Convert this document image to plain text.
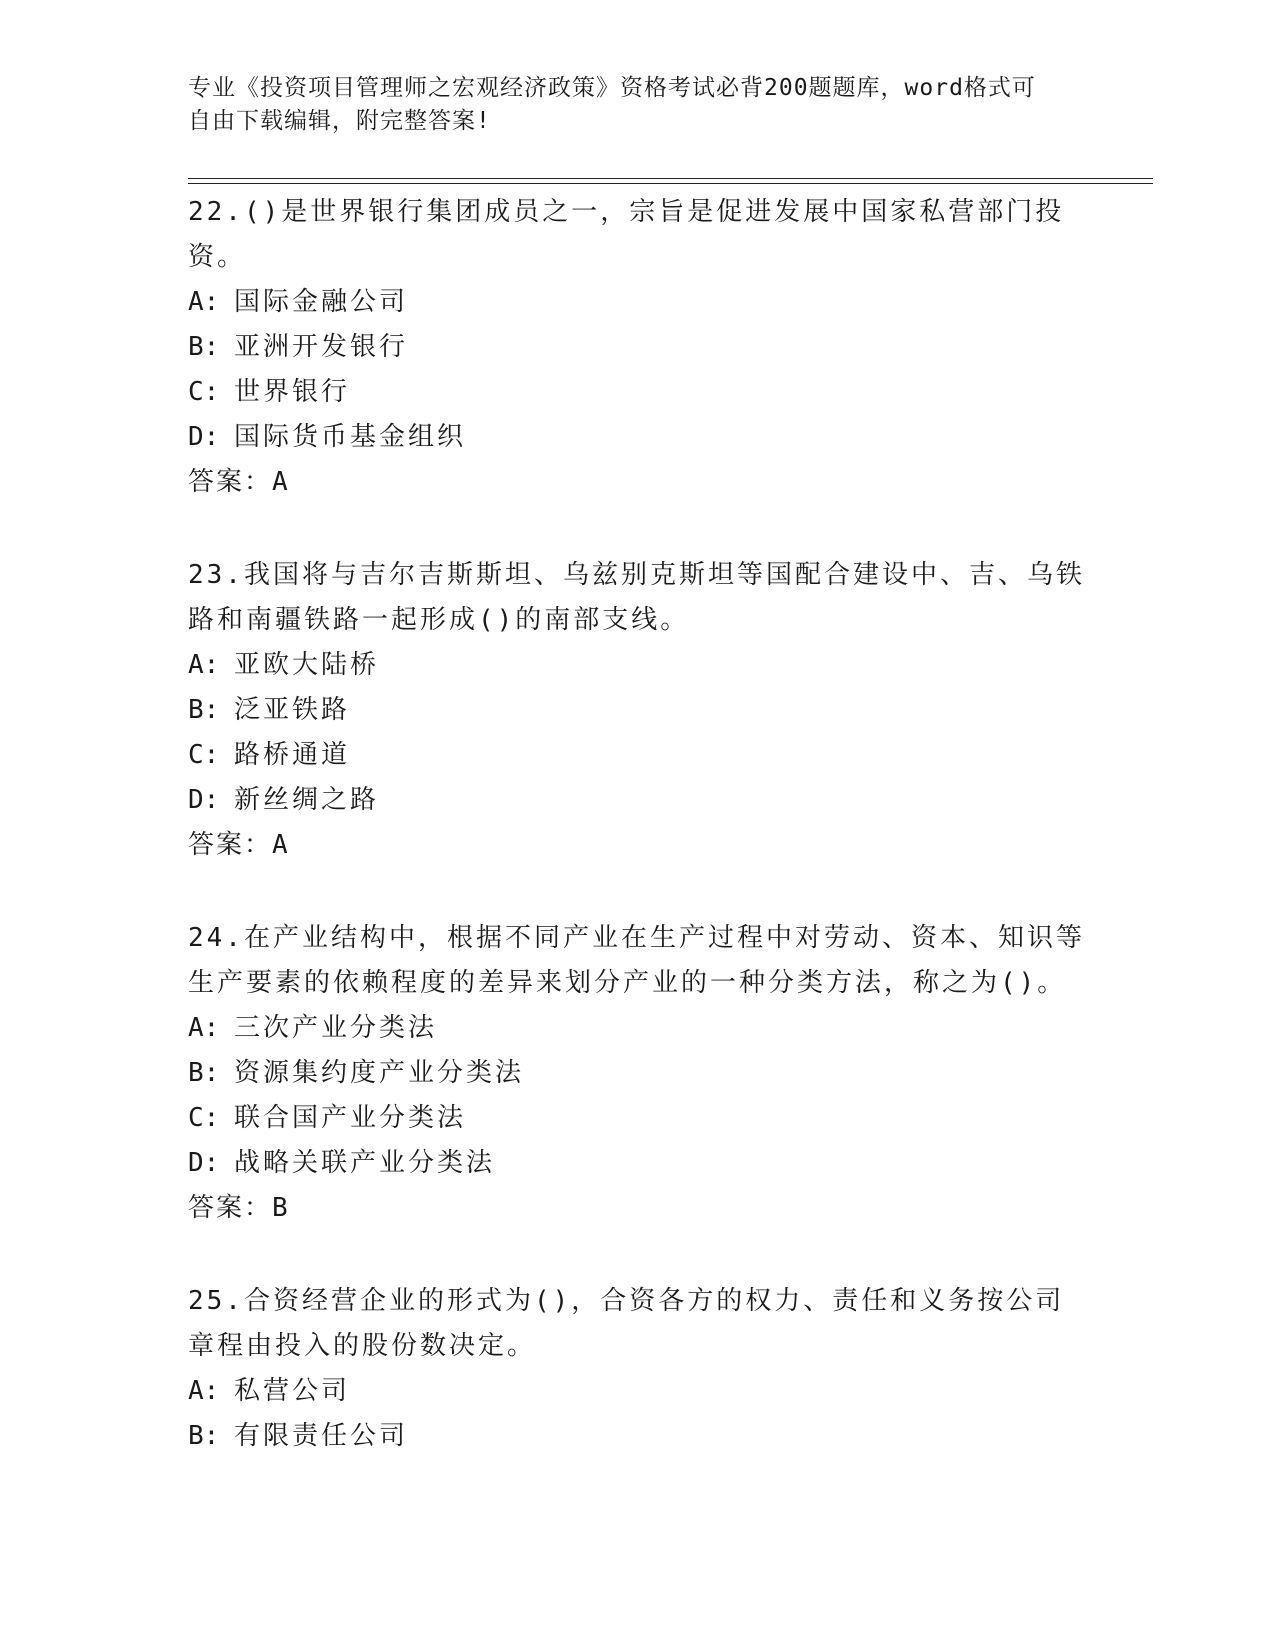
专业《投资项目管理师之宏观经济政策》资格考试必背200题题库，word格式可
自由下载编辑，附完整答案!
22.()是世界银行集团成员之一，宗旨是促进发展中国家私营部门投资。
A: 国际金融公司
B: 亚洲开发银行
C: 世界银行
D: 国际货币基金组织
答案：A
23.我国将与吉尔吉斯斯坦、乌兹别克斯坦等国配合建设中、吉、乌铁路和南疆铁路一起形成()的南部支线。
A: 亚欧大陆桥
B: 泛亚铁路
C: 路桥通道
D: 新丝绸之路
答案：A
24.在产业结构中，根据不同产业在生产过程中对劳动、资本、知识等生产要素的依赖程度的差异来划分产业的一种分类方法，称之为()。
A: 三次产业分类法
B: 资源集约度产业分类法
C: 联合国产业分类法
D: 战略关联产业分类法
答案：B
25.合资经营企业的形式为()，合资各方的权力、责任和义务按公司章程由投入的股份数决定。
A: 私营公司
B: 有限责任公司
